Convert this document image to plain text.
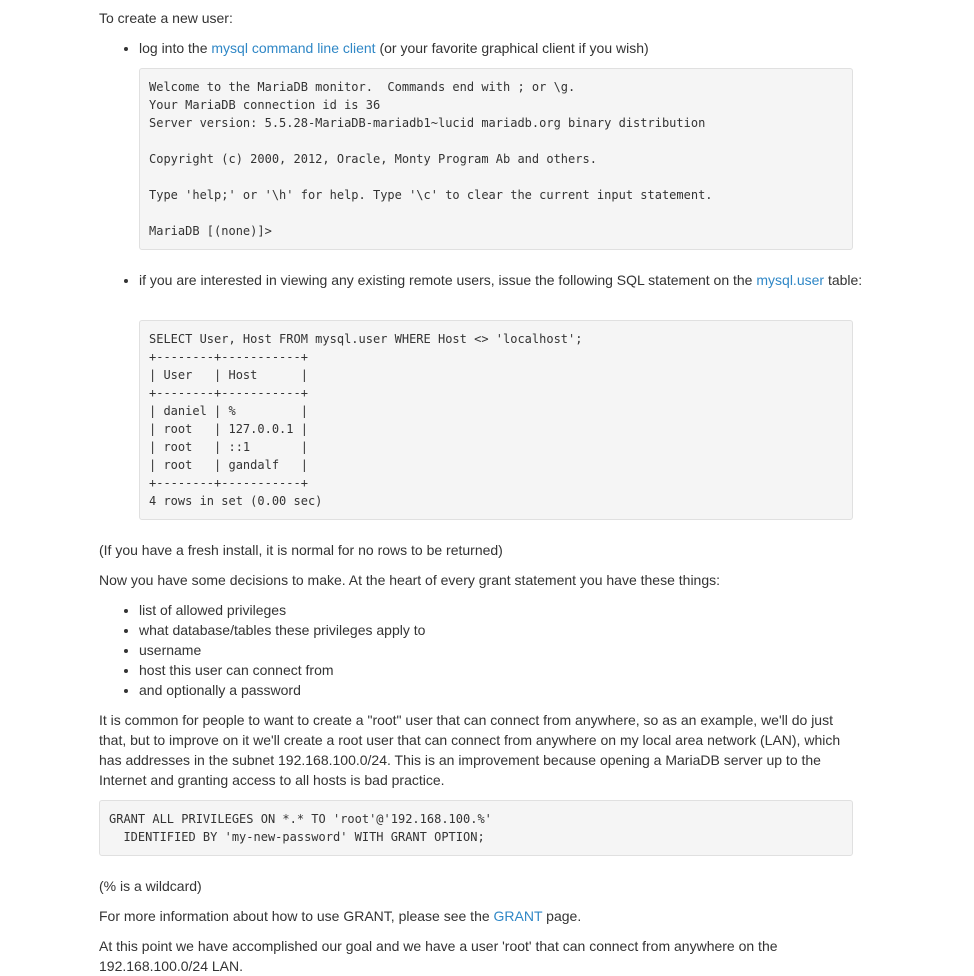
To create a new user:

• log into the mysql command line client (or your favorite graphical client if you wish)
Welcome to the MariaDB monitor.  Commands end with ; or \g.
Your MariaDB connection id is 36
Server version: 5.5.28-MariaDB-mariadb1~lucid mariadb.org binary distribution
Copyright (c) 2000, 2012, Oracle, Monty Program Ab and others.
Type 'help;' or '\h' for help. Type '\c' to clear the current input statement.
MariaDB [(none)]>
• if you are interested in viewing any existing remote users, issue the following SQL statement on the mysql.user table:
SELECT User, Host FROM mysql.user WHERE Host <> 'localhost';
+--------+-----------+
| User   | Host      |
+--------+-----------+
| daniel | %         |
| root   | 127.0.0.1 |
| root   | ::1       |
| root   | gandalf   |
+--------+-----------+
4 rows in set (0.00 sec)

(If you have a fresh install, it is normal for no rows to be returned)

Now you have some decisions to make. At the heart of every grant statement you have these things:

• list of allowed privileges
• what database/tables these privileges apply to
• username
• host this user can connect from
• and optionally a password

It is common for people to want to create a "root" user that can connect from anywhere, so as an example, we'll do just that, but to improve on it we'll create a root user that can connect from anywhere on my local area network (LAN), which has addresses in the subnet 192.168.100.0/24. This is an improvement because opening a MariaDB server up to the Internet and granting access to all hosts is bad practice.

GRANT ALL PRIVILEGES ON *.* TO 'root'@'192.168.100.%'
IDENTIFIED BY 'my-new-password' WITH GRANT OPTION;

(% is a wildcard)

For more information about how to use GRANT, please see the GRANT page.

At this point we have accomplished our goal and we have a user 'root' that can connect from anywhere on the 192.168.100.0/24 LAN.
